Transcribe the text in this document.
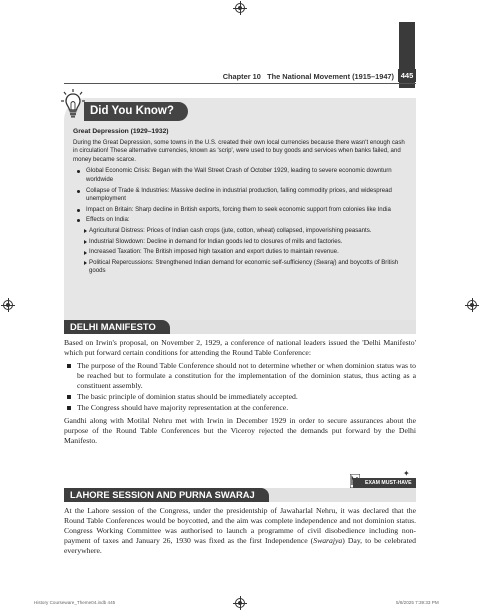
Chapter 10 The National Movement (1915–1947) 445
Did You Know?
Great Depression (1929–1932)

During the Great Depression, some towns in the U.S. created their own local currencies because there wasn't enough cash in circulation! These alternative currencies, known as 'scrip', were used to buy goods and services when banks failed, and money became scarce.

Global Economic Crisis: Began with the Wall Street Crash of October 1929, leading to severe economic downturn worldwide
Collapse of Trade & Industries: Massive decline in industrial production, falling commodity prices, and widespread unemployment
Impact on Britain: Sharp decline in British exports, forcing them to seek economic support from colonies like India
Effects on India:
Agricultural Distress: Prices of Indian cash crops (jute, cotton, wheat) collapsed, impoverishing peasants.
Industrial Slowdown: Decline in demand for Indian goods led to closures of mills and factories.
Increased Taxation: The British imposed high taxation and export duties to maintain revenue.
Political Repercussions: Strengthened Indian demand for economic self-sufficiency (Swaraj) and boycotts of British goods
DELHI MANIFESTO

Based on Irwin's proposal, on November 2, 1929, a conference of national leaders issued the 'Delhi Manifesto' which put forward certain conditions for attending the Round Table Conference:

The purpose of the Round Table Conference should not to determine whether or when dominion status was to be reached but to formulate a constitution for the implementation of the dominion status, thus acting as a constituent assembly.
The basic principle of dominion status should be immediately accepted.
The Congress should have majority representation at the conference.

Gandhi along with Motilal Nehru met with Irwin in December 1929 in order to secure assurances about the purpose of the Round Table Conferences but the Viceroy rejected the demands put forward by the Delhi Manifesto.

EXAM MUST-HAVE
✦
LAHORE SESSION AND PURNA SWARAJ

At the Lahore session of the Congress, under the presidentship of Jawaharlal Nehru, it was declared that the Round Table Conferences would be boycotted, and the aim was complete independence and not dominion status. Congress Working Committee was authorised to launch a programme of civil disobedience including non-payment of taxes and January 26, 1930 was fixed as the first Independence (Swarajya) Day, to be celebrated everywhere.

History Courseware_Theme04.indb 445	5/8/2025 7:39:33 PM
